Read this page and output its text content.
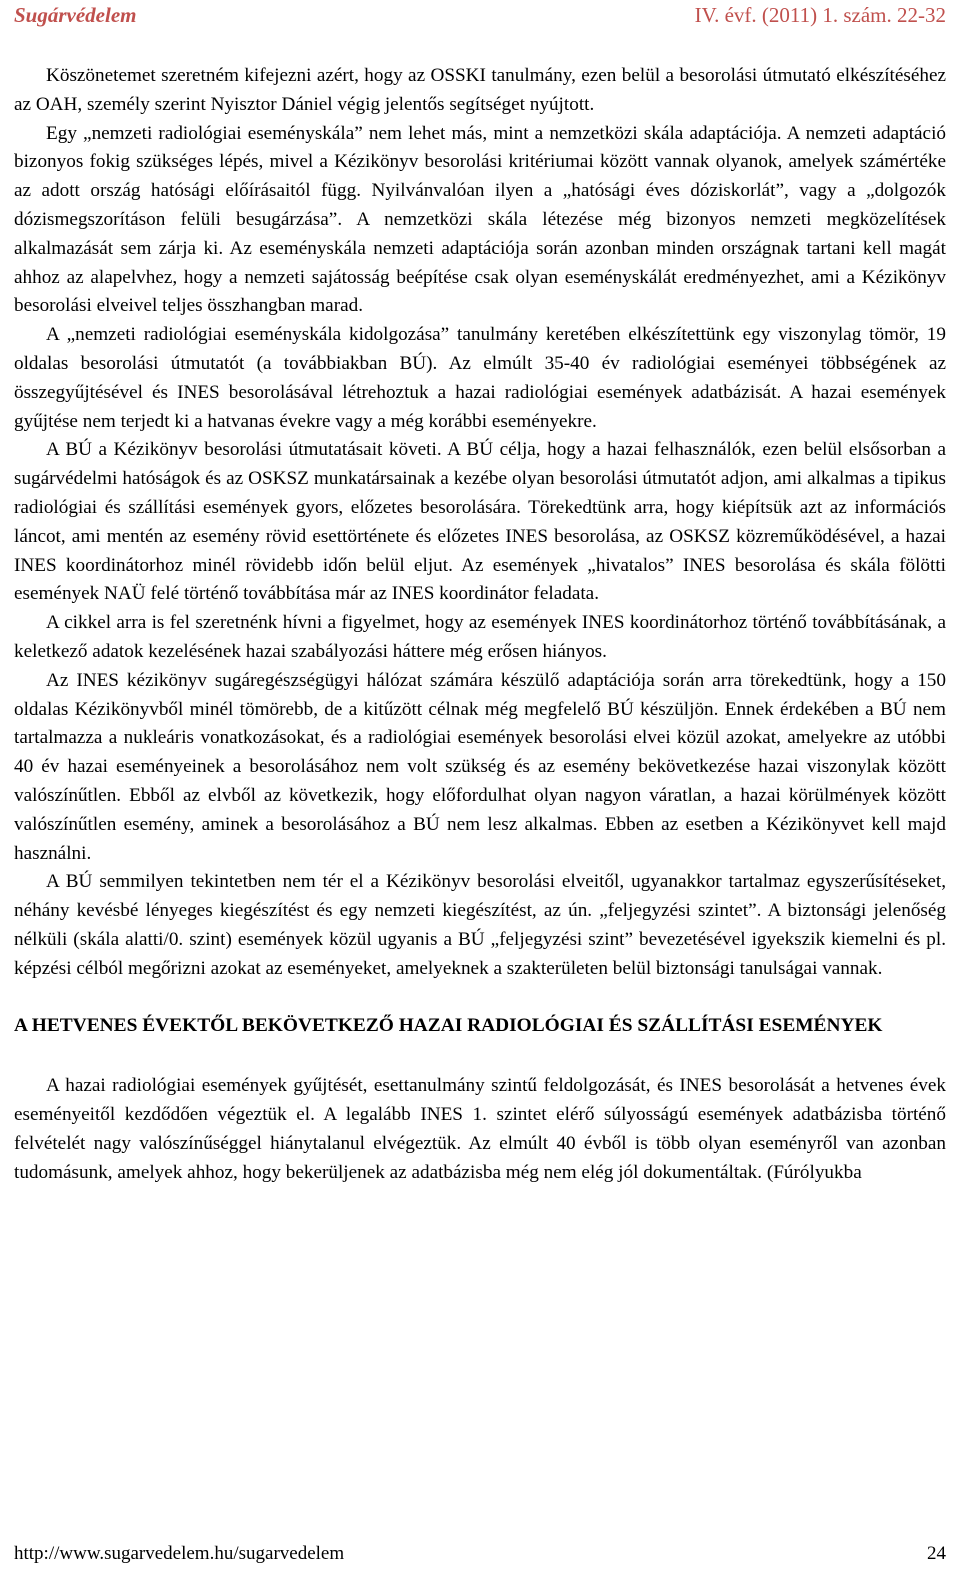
Sugárvédelem	IV. évf. (2011) 1. szám. 22-32

Köszönetemet szeretném kifejezni azért, hogy az OSSKI tanulmány, ezen belül a besorolási útmutató elkészítéséhez az OAH, személy szerint Nyisztor Dániel végig jelentős segítséget nyújtott.

Egy „nemzeti radiológiai eseményskála” nem lehet más, mint a nemzetközi skála adaptációja. A nemzeti adaptáció bizonyos fokig szükséges lépés, mivel a Kézikönyv besorolási kritériumai között vannak olyanok, amelyek számértéke az adott ország hatósági előírásaitól függ. Nyilvánvalóan ilyen a „hatósági éves dóziskorlát”, vagy a „dolgozók dózismegszorításon felüli besugárzása”. A nemzetközi skála létezése még bizonyos nemzeti megközelítések alkalmazását sem zárja ki. Az eseményskála nemzeti adaptációja során azonban minden országnak tartani kell magát ahhoz az alapelvhez, hogy a nemzeti sajátosság beépítése csak olyan eseményskálát eredményezhet, ami a Kézikönyv besorolási elveivel teljes összhangban marad.

A „nemzeti radiológiai eseményskála kidolgozása” tanulmány keretében elkészítettünk egy viszonylag tömör, 19 oldalas besorolási útmutatót (a továbbiakban BÚ). Az elmúlt 35-40 év radiológiai eseményei többségének az összegyűjtésével és INES besorolásával létrehoztuk a hazai radiológiai események adatbázisát. A hazai események gyűjtése nem terjedt ki a hatvanas évekre vagy a még korábbi eseményekre.

A BÚ a Kézikönyv besorolási útmutatásait követi. A BÚ célja, hogy a hazai felhasználók, ezen belül elsősorban a sugárvédelmi hatóságok és az OSKSZ munkatársainak a kezébe olyan besorolási útmutatót adjon, ami alkalmas a tipikus radiológiai és szállítási események gyors, előzetes besorolására. Törekedtünk arra, hogy kiépítsük azt az információs láncot, ami mentén az esemény rövid esettörténete és előzetes INES besorolása, az OSKSZ közreműködésével, a hazai INES koordinátorhoz minél rövidebb időn belül eljut. Az események „hivatalos” INES besorolása és skála fölötti események NAÜ felé történő továbbítása már az INES koordinátor feladata.

A cikkel arra is fel szeretnénk hívni a figyelmet, hogy az események INES koordinátorhoz történő továbbításának, a keletkező adatok kezelésének hazai szabályozási háttere még erősen hiányos.

Az INES kézikönyv sugáregészségügyi hálózat számára készülő adaptációja során arra törekedtünk, hogy a 150 oldalas Kézikönyvből minél tömörebb, de a kitűzött célnak még megfelelő BÚ készüljön. Ennek érdekében a BÚ nem tartalmazza a nukleáris vonatkozásokat, és a radiológiai események besorolási elvei közül azokat, amelyekre az utóbbi 40 év hazai eseményeinek a besorolásához nem volt szükség és az esemény bekövetkezése hazai viszonylak között valószínűtlen. Ebből az elvből az következik, hogy előfordulhat olyan nagyon váratlan, a hazai körülmények között valószínűtlen esemény, aminek a besorolásához a BÚ nem lesz alkalmas. Ebben az esetben a Kézikönyvet kell majd használni.

A BÚ semmilyen tekintetben nem tér el a Kézikönyv besorolási elveitől, ugyanakkor tartalmaz egyszerűsítéseket, néhány kevésbé lényeges kiegészítést és egy nemzeti kiegészítést, az ún. „feljegyzési szintet”. A biztonsági jelenőség nélküli (skála alatti/0. szint) események közül ugyanis a BÚ „feljegyzési szint” bevezetésével igyekszik kiemelni és pl. képzési célból megőrizni azokat az eseményeket, amelyeknek a szakterületen belül biztonsági tanulságai vannak.

A HETVENES ÉVEKTŐL BEKÖVETKEZŐ HAZAI RADIOLÓGIAI ÉS SZÁLLÍTÁSI ESEMÉNYEK

A hazai radiológiai események gyűjtését, esettanulmány szintű feldolgozását, és INES besorolását a hetvenes évek eseményeitől kezdődően végeztük el. A legalább INES 1. szintet elérő súlyosságú események adatbázisba történő felvételét nagy valószínűséggel hiánytalanul elvégeztük. Az elmúlt 40 évből is több olyan eseményről van azonban tudomásunk, amelyek ahhoz, hogy bekerüljenek az adatbázisba még nem elég jól dokumentáltak. (Fúrólyukba

http://www.sugarvedelem.hu/sugarvedelem	24
